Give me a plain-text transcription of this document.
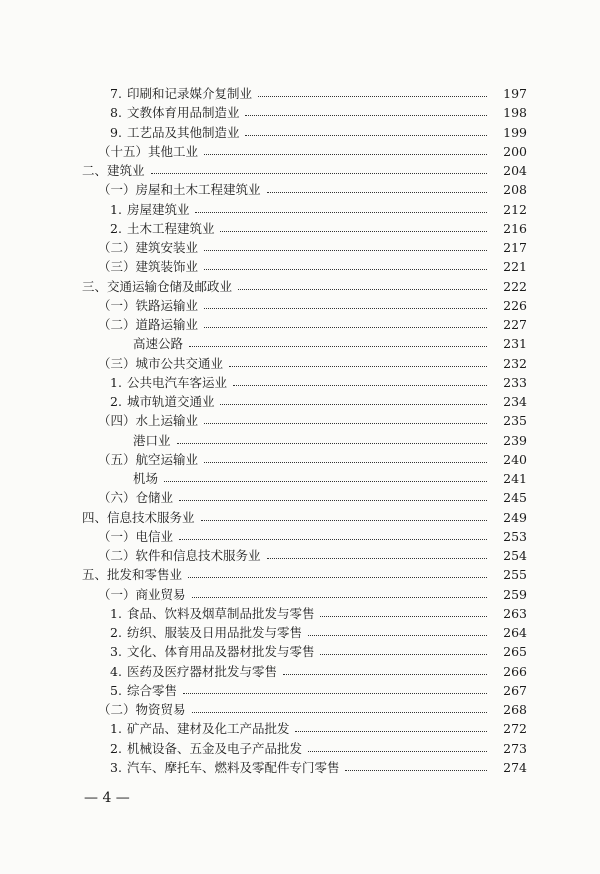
7. 印刷和记录媒介复制业	197
8. 文教体育用品制造业	198
9. 工艺品及其他制造业	199
（十五） 其他工业	200
二、 建筑业	204
（一） 房屋和土木工程建筑业	208
1. 房屋建筑业	212
2. 土木工程建筑业	216
（二） 建筑安装业	217
（三） 建筑装饰业	221
三、 交通运输仓储及邮政业	222
（一） 铁路运输业	226
（二） 道路运输业	227
高速公路	231
（三） 城市公共交通业	232
1. 公共电汽车客运业	233
2. 城市轨道交通业	234
（四） 水上运输业	235
港口业	239
（五） 航空运输业	240
机场	241
（六） 仓储业	245
四、 信息技术服务业	249
（一） 电信业	253
（二） 软件和信息技术服务业	254
五、 批发和零售业	255
（一） 商业贸易	259
1. 食品、饮料及烟草制品批发与零售	263
2. 纺织、服装及日用品批发与零售	264
3. 文化、体育用品及器材批发与零售	265
4. 医药及医疗器材批发与零售	266
5. 综合零售	267
（二） 物资贸易	268
1. 矿产品、建材及化工产品批发	272
2. 机械设备、五金及电子产品批发	273
3. 汽车、摩托车、燃料及零配件专门零售	274
— 4 —
